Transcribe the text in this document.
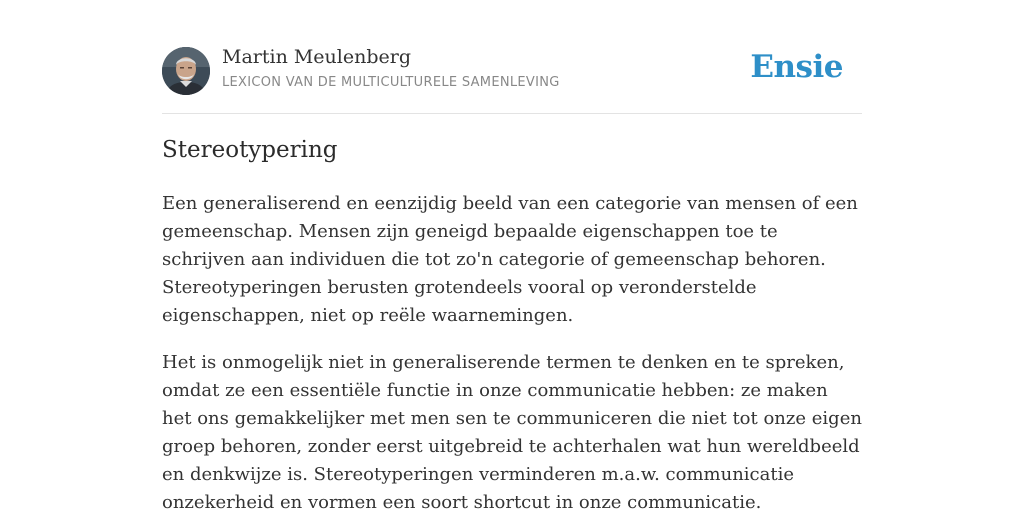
Martin Meulenberg
LEXICON VAN DE MULTICULTURELE SAMENLEVING	Ensie
Stereotypering

Een generaliserend en eenzijdig beeld van een categorie van mensen of een gemeenschap. Mensen zijn geneigd bepaalde eigenschappen toe te schrijven aan individuen die tot zo'n categorie of gemeenschap behoren. Stereotyperingen berusten grotendeels vooral op veronderstelde eigenschappen, niet op reële waarnemingen.

Het is onmogelijk niet in generaliserende termen te denken en te spreken, omdat ze een essentiële functie in onze communicatie hebben: ze maken het ons gemakkelijker met men sen te communiceren die niet tot onze eigen groep behoren, zonder eerst uitgebreid te achterhalen wat hun wereldbeeld en denkwijze is. Stereotyperingen verminderen m.a.w. communicatie onzekerheid en vormen een soort shortcut in onze communicatie.
